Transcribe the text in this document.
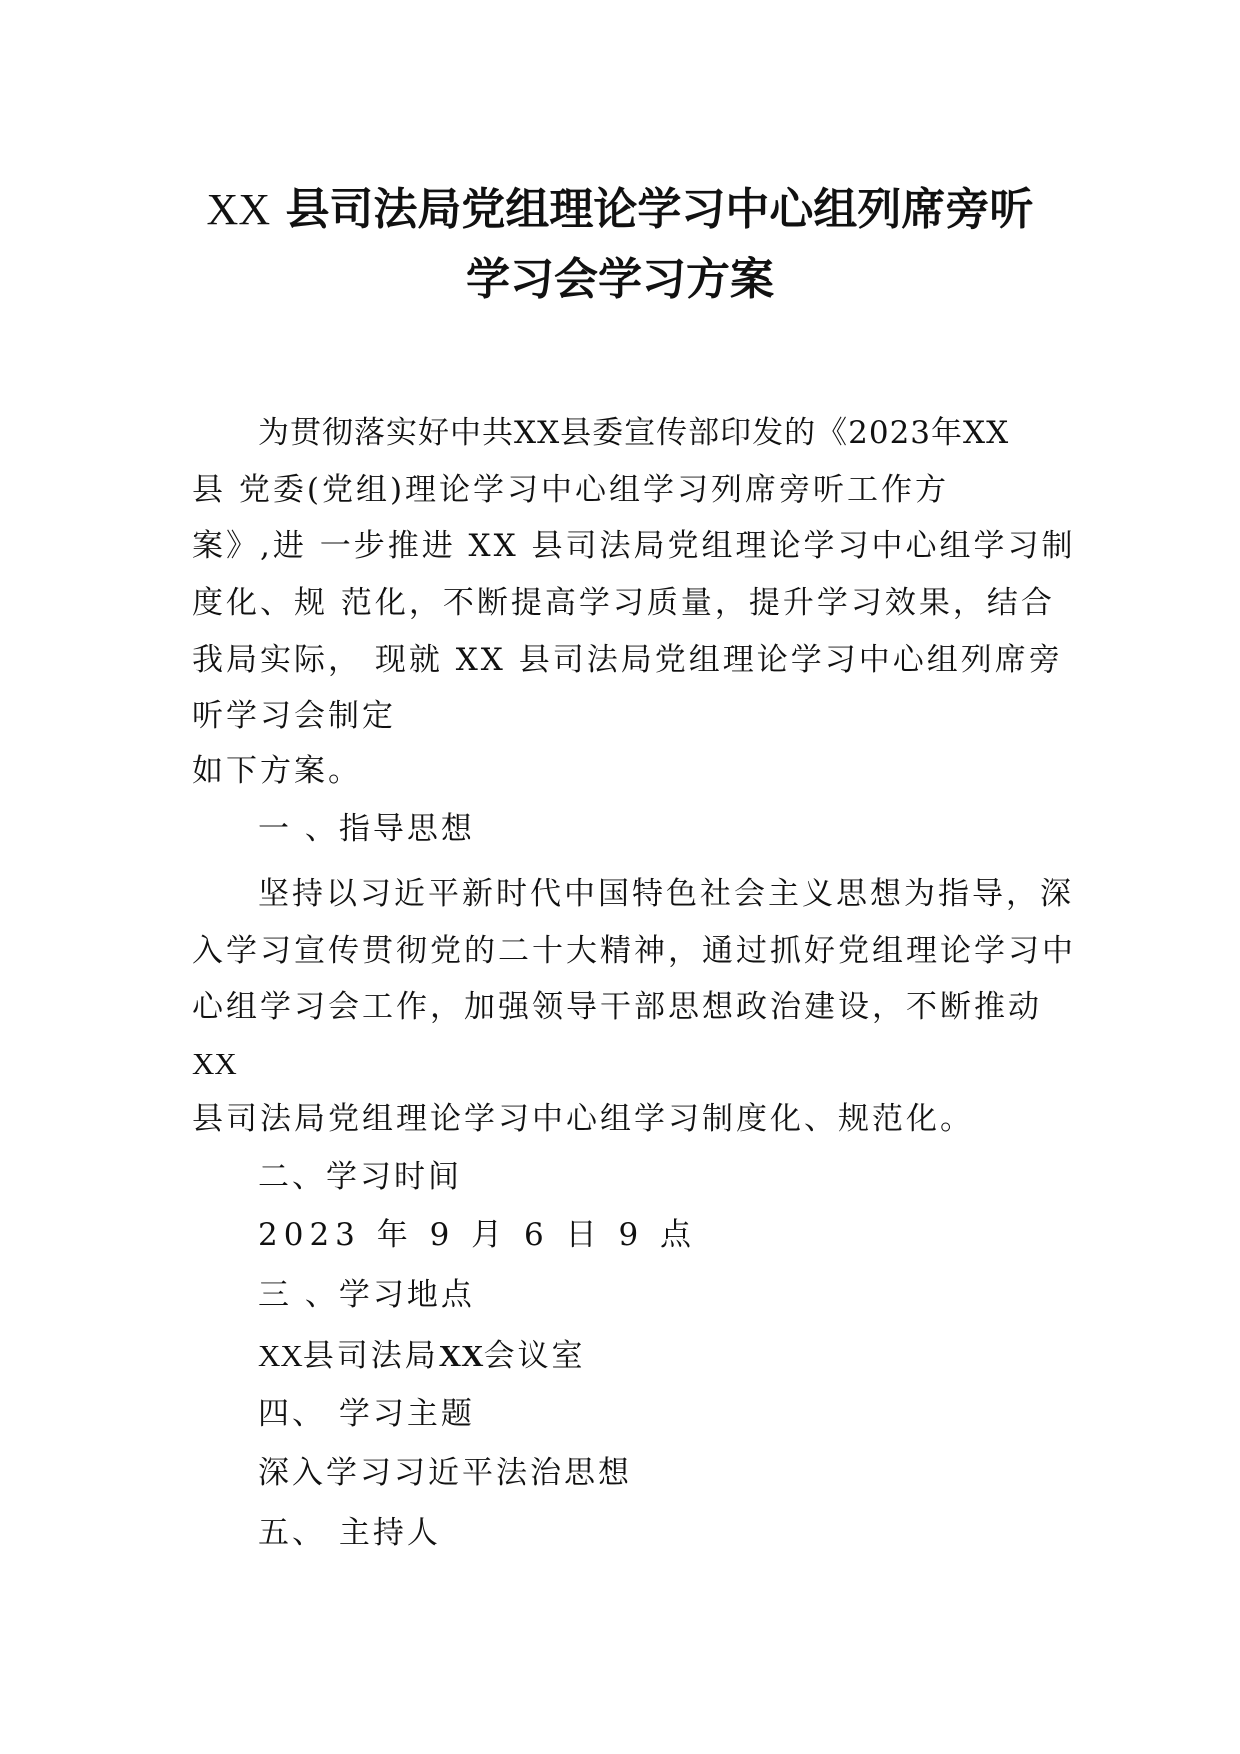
XX 县司法局党组理论学习中心组列席旁听
学习会学习方案
为贯彻落实好中共XX县委宣传部印发的《2023年XX
县 党委(党组)理论学习中心组学习列席旁听工作方
案》,进 一步推进 XX 县司法局党组理论学习中心组学习制
度化、规 范化，不断提高学习质量，提升学习效果，结合
我局实际， 现就 XX 县司法局党组理论学习中心组列席旁
听学习会制定
如下方案。
一 、指导思想
坚持以习近平新时代中国特色社会主义思想为指导，深
入学习宣传贯彻党的二十大精神，通过抓好党组理论学习中
心组学习会工作，加强领导干部思想政治建设，不断推动
XX
县司法局党组理论学习中心组学习制度化、规范化。
二、学习时间
2023 年 9 月 6 日 9 点
三 、学习地点
XX县司法局XX会议室
四、 学习主题
深入学习习近平法治思想
五、 主持人
